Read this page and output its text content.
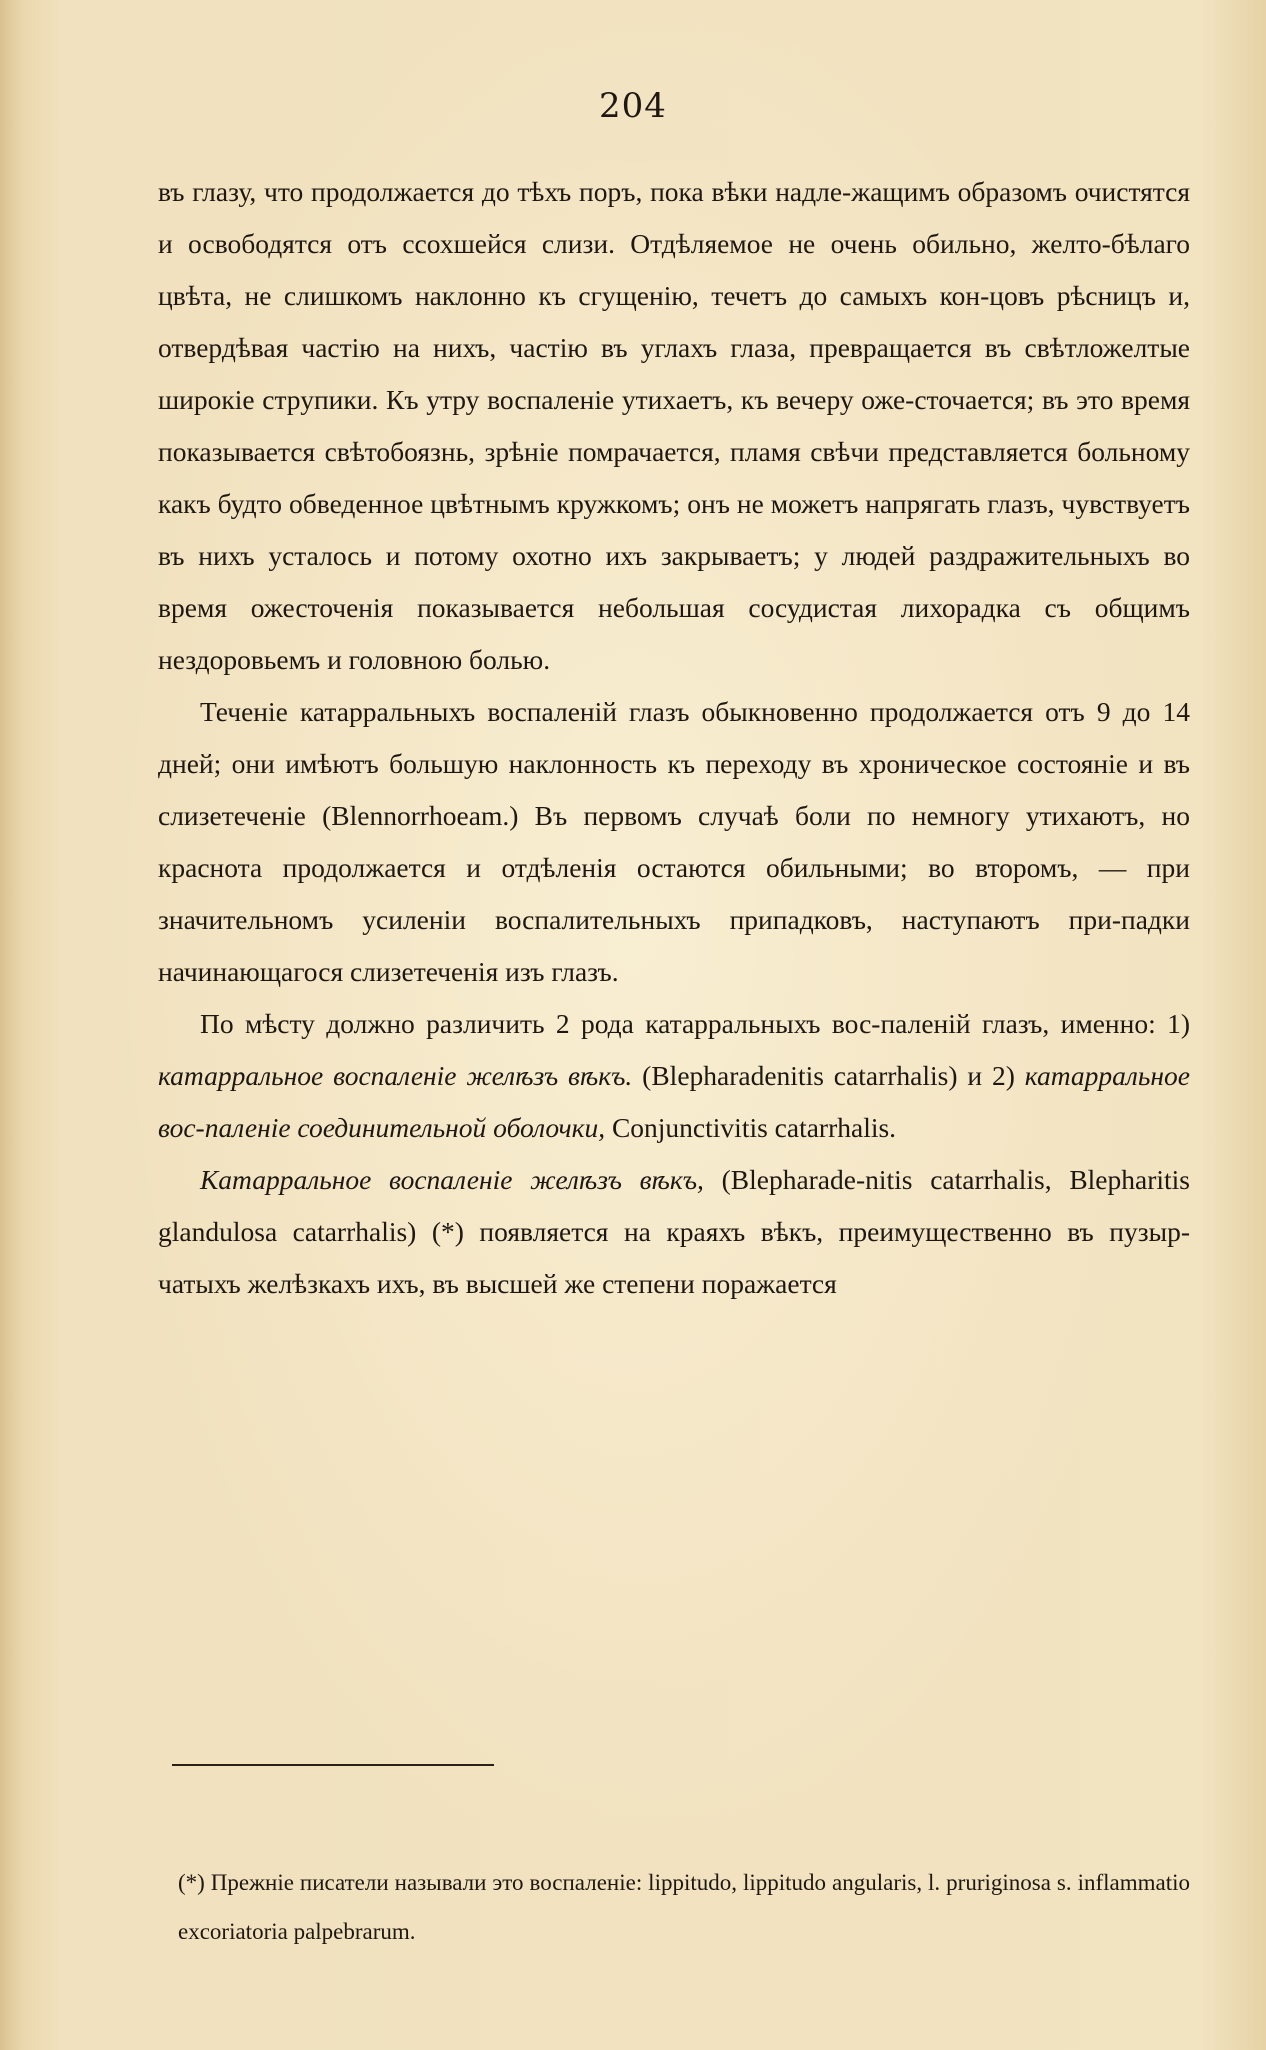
204

въ глазу, что продолжается до тѣхъ поръ, пока вѣки надле-жащимъ образомъ очистятся и освободятся отъ ссохшейся слизи. Отдѣляемое не очень обильно, желто-бѣлаго цвѣта, не слишкомъ наклонно къ сгущенію, течетъ до самыхъ кон-цовъ рѣсницъ и, отвердѣвая частію на нихъ, частію въ углахъ глаза, превращается въ свѣтложелтые широкіе струпики. Къ утру воспаленіе утихаетъ, къ вечеру оже-сточается; въ это время показывается свѣтобоязнь, зрѣніе помрачается, пламя свѣчи представляется больному какъ будто обведенное цвѣтнымъ кружкомъ; онъ не можетъ напрягать глазъ, чувствуетъ въ нихъ усталось и потому охотно ихъ закрываетъ; у людей раздражительныхъ во время ожесточенія показывается небольшая сосудистая лихорадка съ общимъ нездоровьемъ и головною болью.

Теченіе катарральныхъ воспаленій глазъ обыкновенно продолжается отъ 9 до 14 дней; они имѣютъ большую наклонность къ переходу въ хроническое состояніе и въ слизетеченіе (Blennorrhoeam.) Въ первомъ случаѣ боли по немногу утихаютъ, но краснота продолжается и отдѣленія остаются обильными; во второмъ, — при значительномъ усиленіи воспалительныхъ припадковъ, наступаютъ при-падки начинающагося слизетеченія изъ глазъ.

По мѣсту должно различить 2 рода катарральныхъ вос-паленій глазъ, именно: 1) катарральное воспаленіе желѣзъ вѣкъ. (Blepharadenitis catarrhalis) и 2) катарральное вос-паленіе соединительной оболочки, Conjunctivitis catarrhalis.

Катарральное воспаленіе желѣзъ вѣкъ, (Blepharade-nitis catarrhalis, Blepharitis glandulosa catarrhalis) (*) появляется на краяхъ вѣкъ, преимущественно въ пузыр-чатыхъ желѣзкахъ ихъ, въ высшей же степени поражается

(*) Прежніе писатели называли это воспаленіе: lippitudo, lippitudo angularis, l. pruriginosa s. inflammatio excoriatoria palpebrarum.
